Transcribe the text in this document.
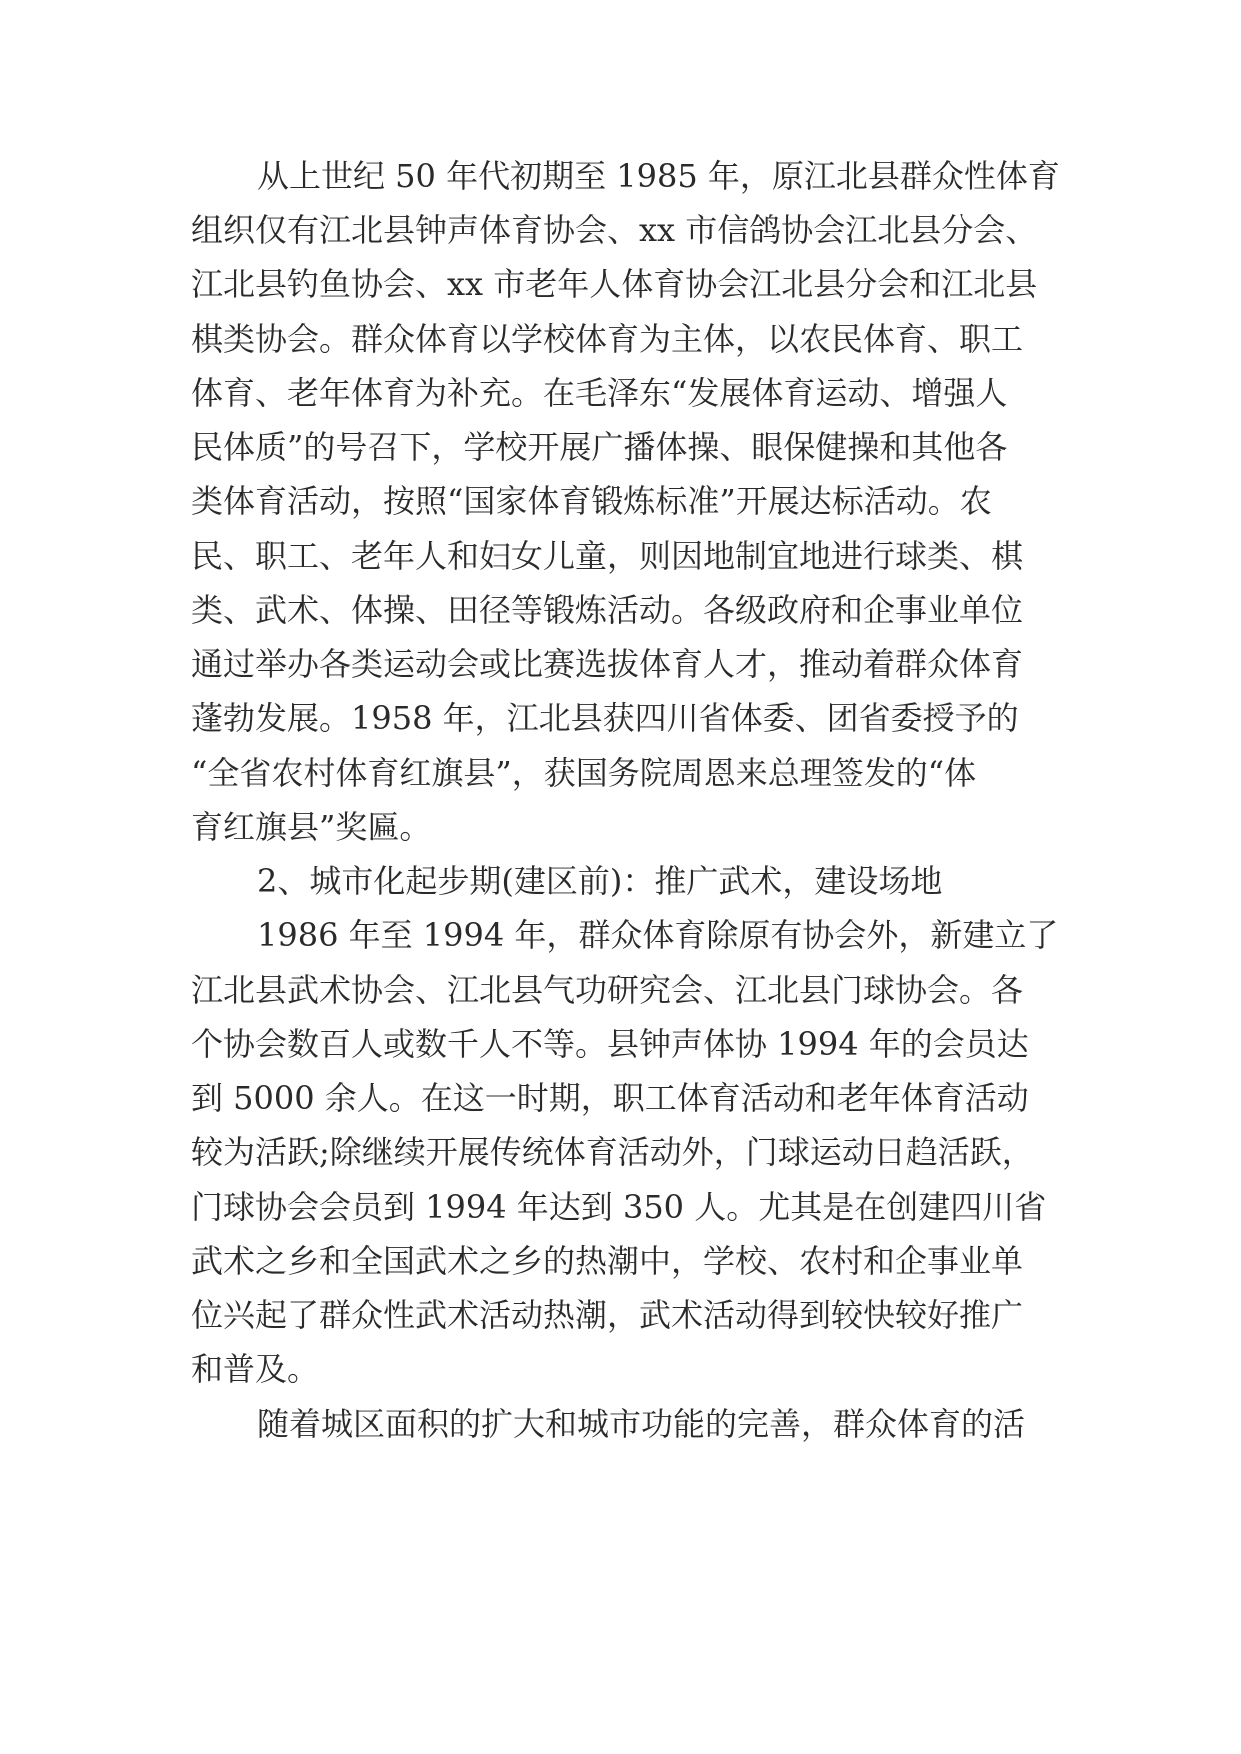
从上世纪 50 年代初期至 1985 年，原江北县群众性体育
组织仅有江北县钟声体育协会、xx 市信鸽协会江北县分会、
江北县钓鱼协会、xx 市老年人体育协会江北县分会和江北县
棋类协会。群众体育以学校体育为主体，以农民体育、职工
体育、老年体育为补充。在毛泽东“发展体育运动、增强人
民体质”的号召下，学校开展广播体操、眼保健操和其他各
类体育活动，按照“国家体育锻炼标准”开展达标活动。农
民、职工、老年人和妇女儿童，则因地制宜地进行球类、棋
类、武术、体操、田径等锻炼活动。各级政府和企事业单位
通过举办各类运动会或比赛选拔体育人才，推动着群众体育
蓬勃发展。1958 年，江北县获四川省体委、团省委授予的
“全省农村体育红旗县”，获国务院周恩来总理签发的“体
育红旗县”奖匾。
2、城市化起步期(建区前)：推广武术，建设场地
1986 年至 1994 年，群众体育除原有协会外，新建立了
江北县武术协会、江北县气功研究会、江北县门球协会。各
个协会数百人或数千人不等。县钟声体协 1994 年的会员达
到 5000 余人。在这一时期，职工体育活动和老年体育活动
较为活跃;除继续开展传统体育活动外，门球运动日趋活跃，
门球协会会员到 1994 年达到 350 人。尤其是在创建四川省
武术之乡和全国武术之乡的热潮中，学校、农村和企事业单
位兴起了群众性武术活动热潮，武术活动得到较快较好推广
和普及。
随着城区面积的扩大和城市功能的完善，群众体育的活
